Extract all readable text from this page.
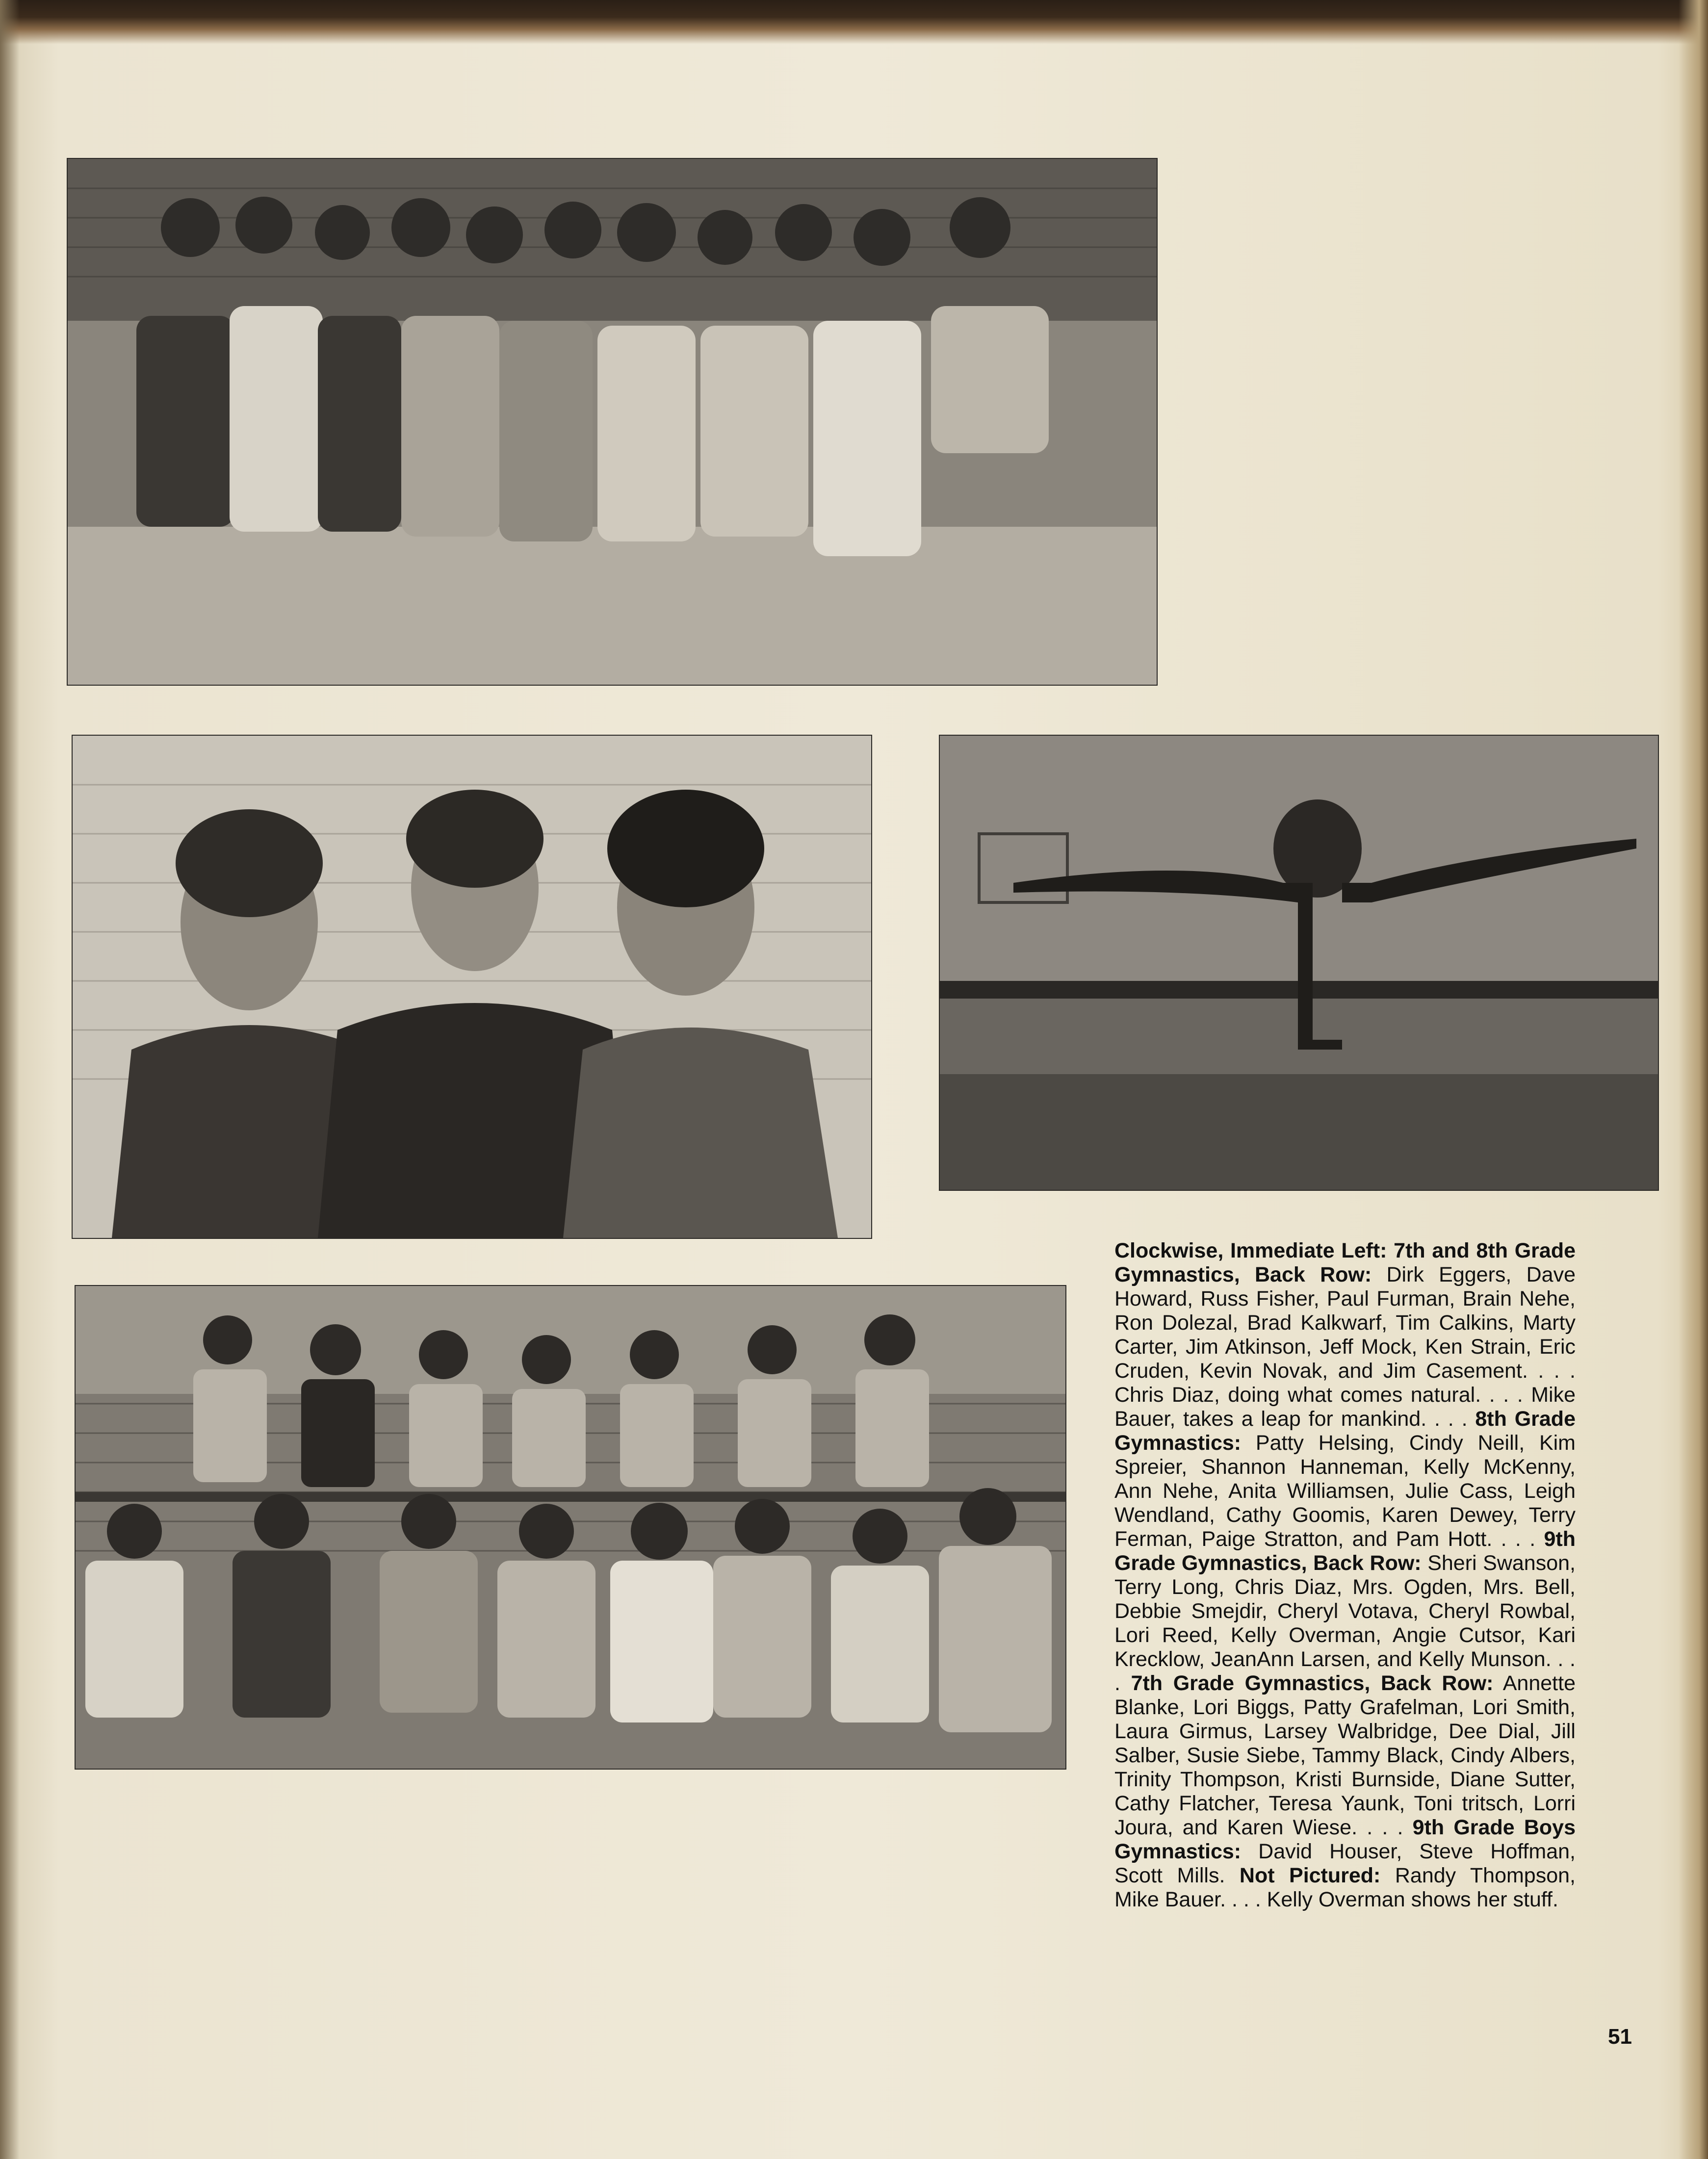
Clockwise, Immediate Left: 7th and 8th Grade Gymnastics, Back Row: Dirk Eggers, Dave Howard, Russ Fisher, Paul Furman, Brain Nehe, Ron Dolezal, Brad Kalkwarf, Tim Calkins, Marty Carter, Jim Atkinson, Jeff Mock, Ken Strain, Eric Cruden, Kevin Novak, and Jim Casement. . . . Chris Diaz, doing what comes natural. . . . Mike Bauer, takes a leap for mankind. . . . 8th Grade Gymnastics: Patty Helsing, Cindy Neill, Kim Spreier, Shannon Hanneman, Kelly McKenny, Ann Nehe, Anita Williamsen, Julie Cass, Leigh Wendland, Cathy Goomis, Karen Dewey, Terry Ferman, Paige Stratton, and Pam Hott. . . . 9th Grade Gymnastics, Back Row: Sheri Swanson, Terry Long, Chris Diaz, Mrs. Ogden, Mrs. Bell, Debbie Smejdir, Cheryl Votava, Cheryl Rowbal, Lori Reed, Kelly Overman, Angie Cutsor, Kari Krecklow, JeanAnn Larsen, and Kelly Munson. . . . 7th Grade Gymnastics, Back Row: Annette Blanke, Lori Biggs, Patty Grafelman, Lori Smith, Laura Girmus, Larsey Walbridge, Dee Dial, Jill Salber, Susie Siebe, Tammy Black, Cindy Albers, Trinity Thompson, Kristi Burnside, Diane Sutter, Cathy Flatcher, Teresa Yaunk, Toni tritsch, Lorri Joura, and Karen Wiese. . . . 9th Grade Boys Gymnastics: David Houser, Steve Hoffman, Scott Mills. Not Pictured: Randy Thompson, Mike Bauer. . . . Kelly Overman shows her stuff.
51
